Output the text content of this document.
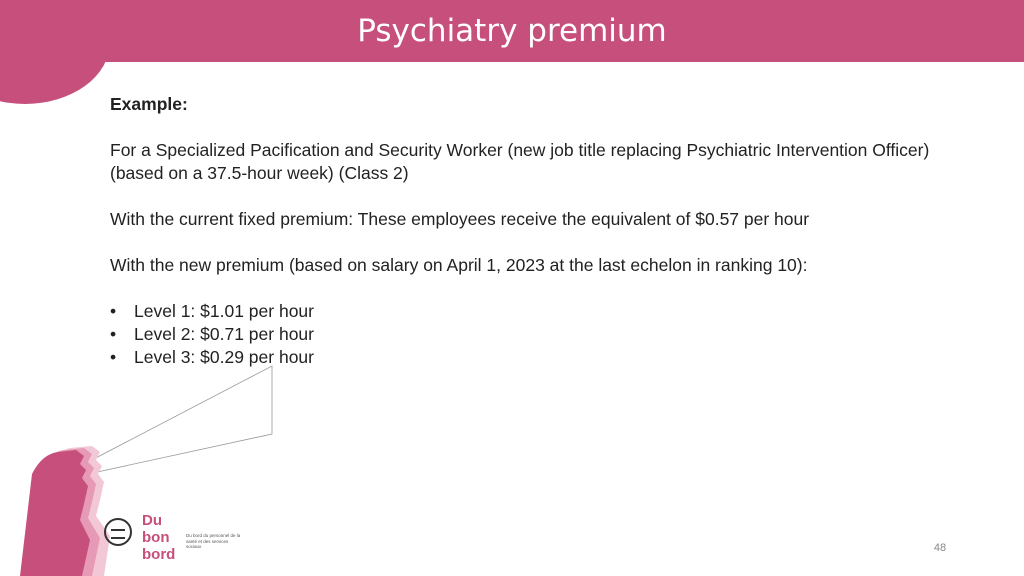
Psychiatry premium

Example:

For a Specialized Pacification and Security Worker (new job title replacing Psychiatric Intervention Officer) (based on a 37.5-hour week) (Class 2)

With the current fixed premium: These employees receive the equivalent of $0.57 per hour

With the new premium (based on salary on April 1, 2023 at the last echelon in ranking 10):

• Level 1: $1.01 per hour
• Level 2: $0.71 per hour
• Level 3: $0.29 per hour
Du bon bord
Du bord du personnel de la santé et des services sociaux	48
